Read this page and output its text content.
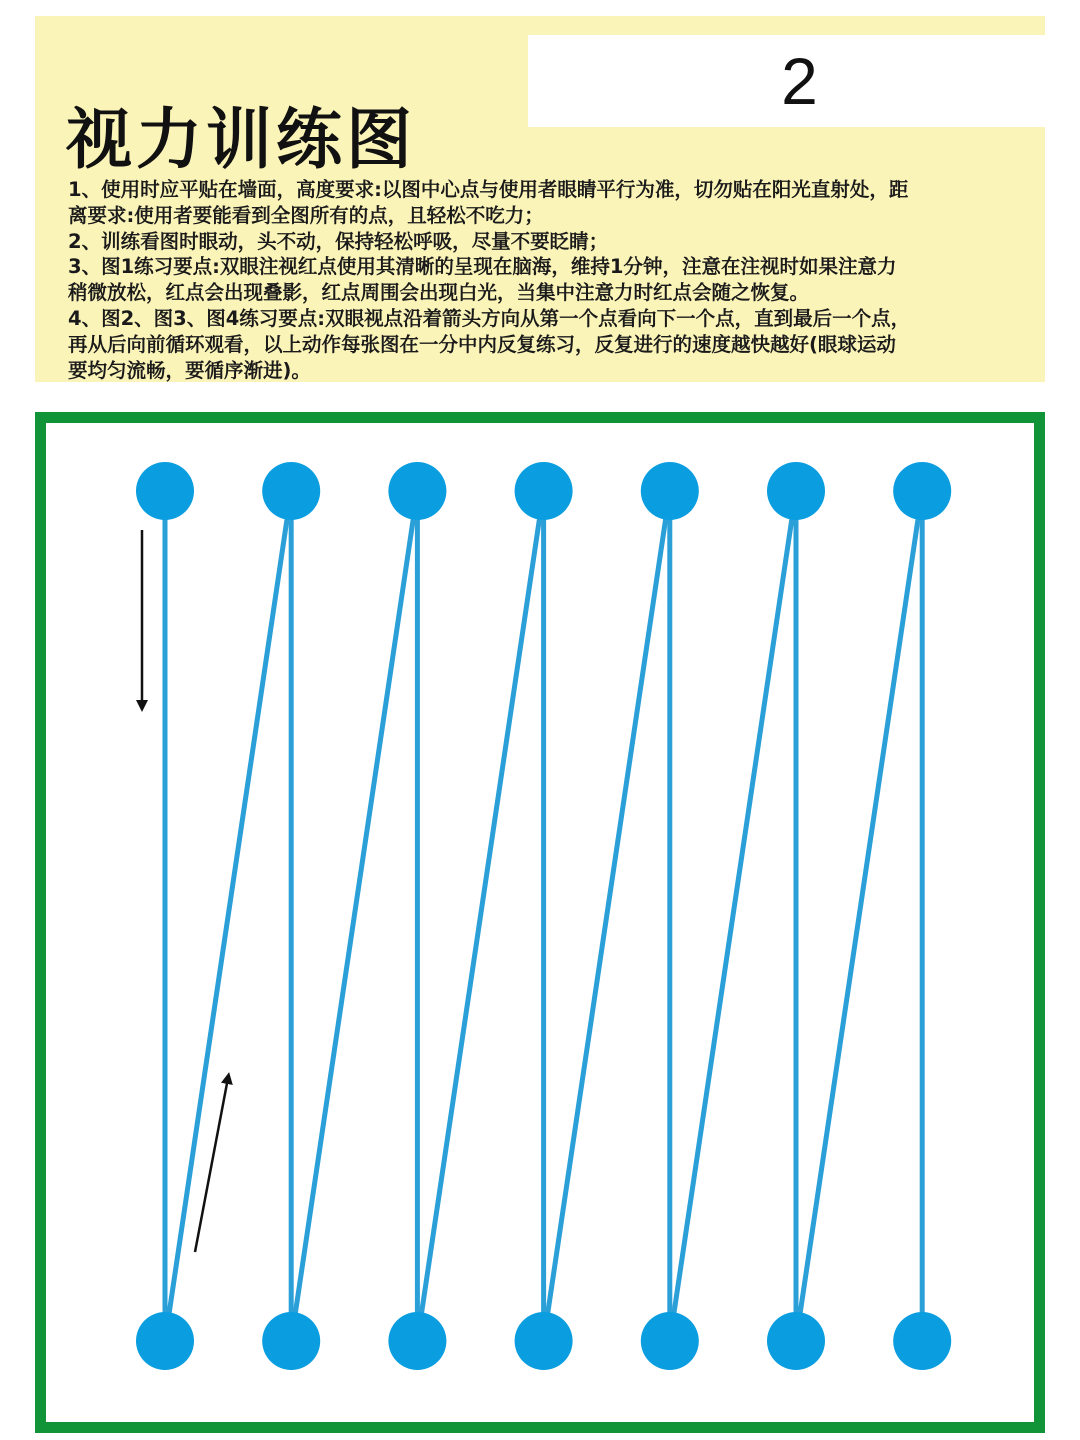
2
视力训练图
1、使用时应平贴在墙面，高度要求:以图中心点与使用者眼睛平行为准，切勿贴在阳光直射处，距
离要求:使用者要能看到全图所有的点，且轻松不吃力；
2、训练看图时眼动，头不动，保持轻松呼吸，尽量不要眨睛；
3、图1练习要点:双眼注视红点使用其清晰的呈现在脑海，维持1分钟，注意在注视时如果注意力
稍微放松，红点会出现叠影，红点周围会出现白光，当集中注意力时红点会随之恢复。
4、图2、图3、图4练习要点:双眼视点沿着箭头方向从第一个点看向下一个点，直到最后一个点，
再从后向前循环观看，以上动作每张图在一分中内反复练习，反复进行的速度越快越好(眼球运动
要均匀流畅，要循序渐进)。
